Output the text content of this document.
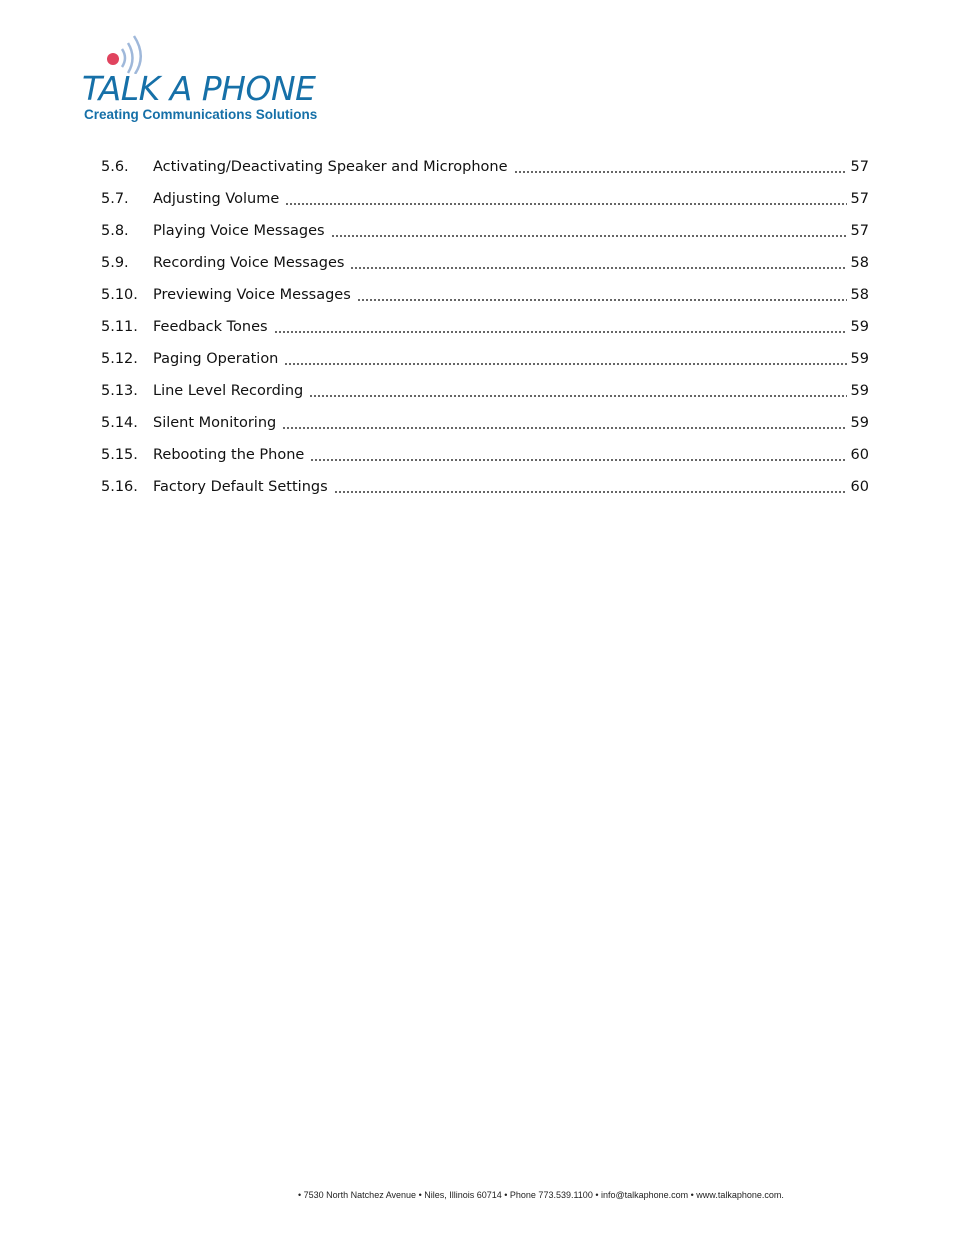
TALK A PHONE
Creating Communications Solutions
5.6.	Activating/Deactivating Speaker and Microphone	57
5.7.	Adjusting Volume	57
5.8.	Playing Voice Messages	57
5.9.	Recording Voice Messages	58
5.10.	Previewing Voice Messages	58
5.11.	Feedback Tones	59
5.12.	Paging Operation	59
5.13.	Line Level Recording	59
5.14.	Silent Monitoring	59
5.15.	Rebooting the Phone	60
5.16.	Factory Default Settings	60
• 7530 North Natchez Avenue • Niles, Illinois 60714 • Phone 773.539.1100 • info@talkaphone.com • www.talkaphone.com.
